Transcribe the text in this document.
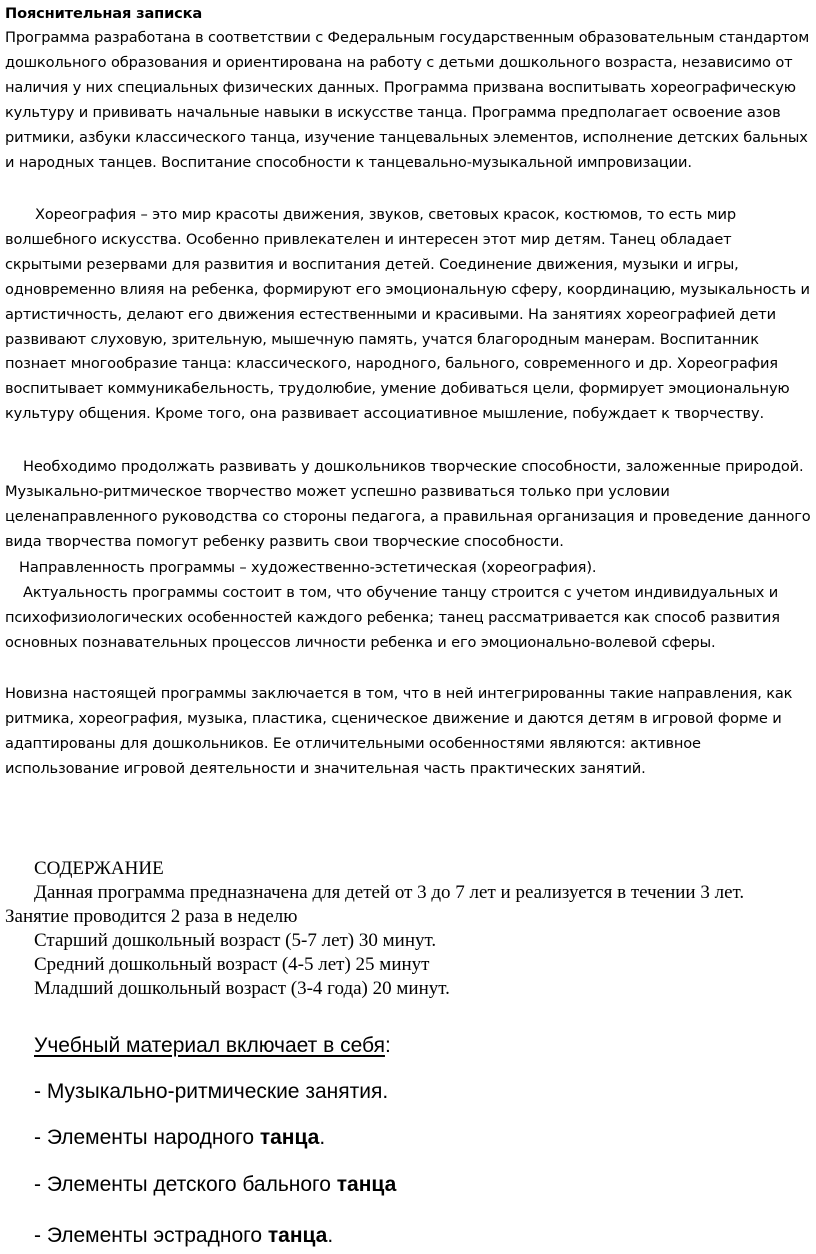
Пояснительная записка

Программа разработана в соответствии с Федеральным государственным образовательным стандартом дошкольного образования и ориентирована на работу с детьми дошкольного возраста, независимо от наличия у них специальных физических данных. Программа призвана воспитывать хореографическую культуру и прививать начальные навыки в искусстве танца. Программа предполагает освоение азов ритмики, азбуки классического танца, изучение танцевальных элементов, исполнение детских бальных и народных танцев. Воспитание способности к танцевально-музыкальной импровизации.

Хореография – это мир красоты движения, звуков, световых красок, костюмов, то есть мир волшебного искусства. Особенно привлекателен и интересен этот мир детям. Танец обладает скрытыми резервами для развития и воспитания детей. Соединение движения, музыки и игры, одновременно влияя на ребенка, формируют его эмоциональную сферу, координацию, музыкальность и артистичность, делают его движения естественными и красивыми. На занятиях хореографией дети развивают слуховую, зрительную, мышечную память, учатся благородным манерам. Воспитанник познает многообразие танца: классического, народного, бального, современного и др. Хореография воспитывает коммуникабельность, трудолюбие, умение добиваться цели, формирует эмоциональную культуру общения. Кроме того, она развивает ассоциативное мышление, побуждает к творчеству.

Необходимо продолжать развивать у дошкольников творческие способности, заложенные природой. Музыкально-ритмическое творчество может успешно развиваться только при условии целенаправленного руководства со стороны педагога, а правильная организация и проведение данного вида творчества помогут ребенку развить свои творческие способности.

Направленность программы – художественно-эстетическая (хореография).

Актуальность программы состоит в том, что обучение танцу строится с учетом индивидуальных и психофизиологических особенностей каждого ребенка; танец рассматривается как способ развития основных познавательных процессов личности ребенка и его эмоционально-волевой сферы.

Новизна настоящей программы заключается в том, что в ней интегрированны такие направления, как ритмика, хореография, музыка, пластика, сценическое движение и даются детям в игровой форме и адаптированы для дошкольников. Ее отличительными особенностями являются: активное использование игровой деятельности и значительная часть практических занятий.

СОДЕРЖАНИЕ

Данная программа предназначена для детей от 3 до 7 лет и реализуется в течении 3 лет. Занятие проводится 2 раза в неделю

Старший дошкольный возраст (5-7 лет) 30 минут.

Средний дошкольный возраст (4-5 лет) 25 минут

Младший дошкольный возраст (3-4 года) 20 минут.

Учебный материал включает в себя:

- Музыкально-ритмические занятия.

- Элементы народного танца.

- Элементы детского бального танца

- Элементы эстрадного танца.
